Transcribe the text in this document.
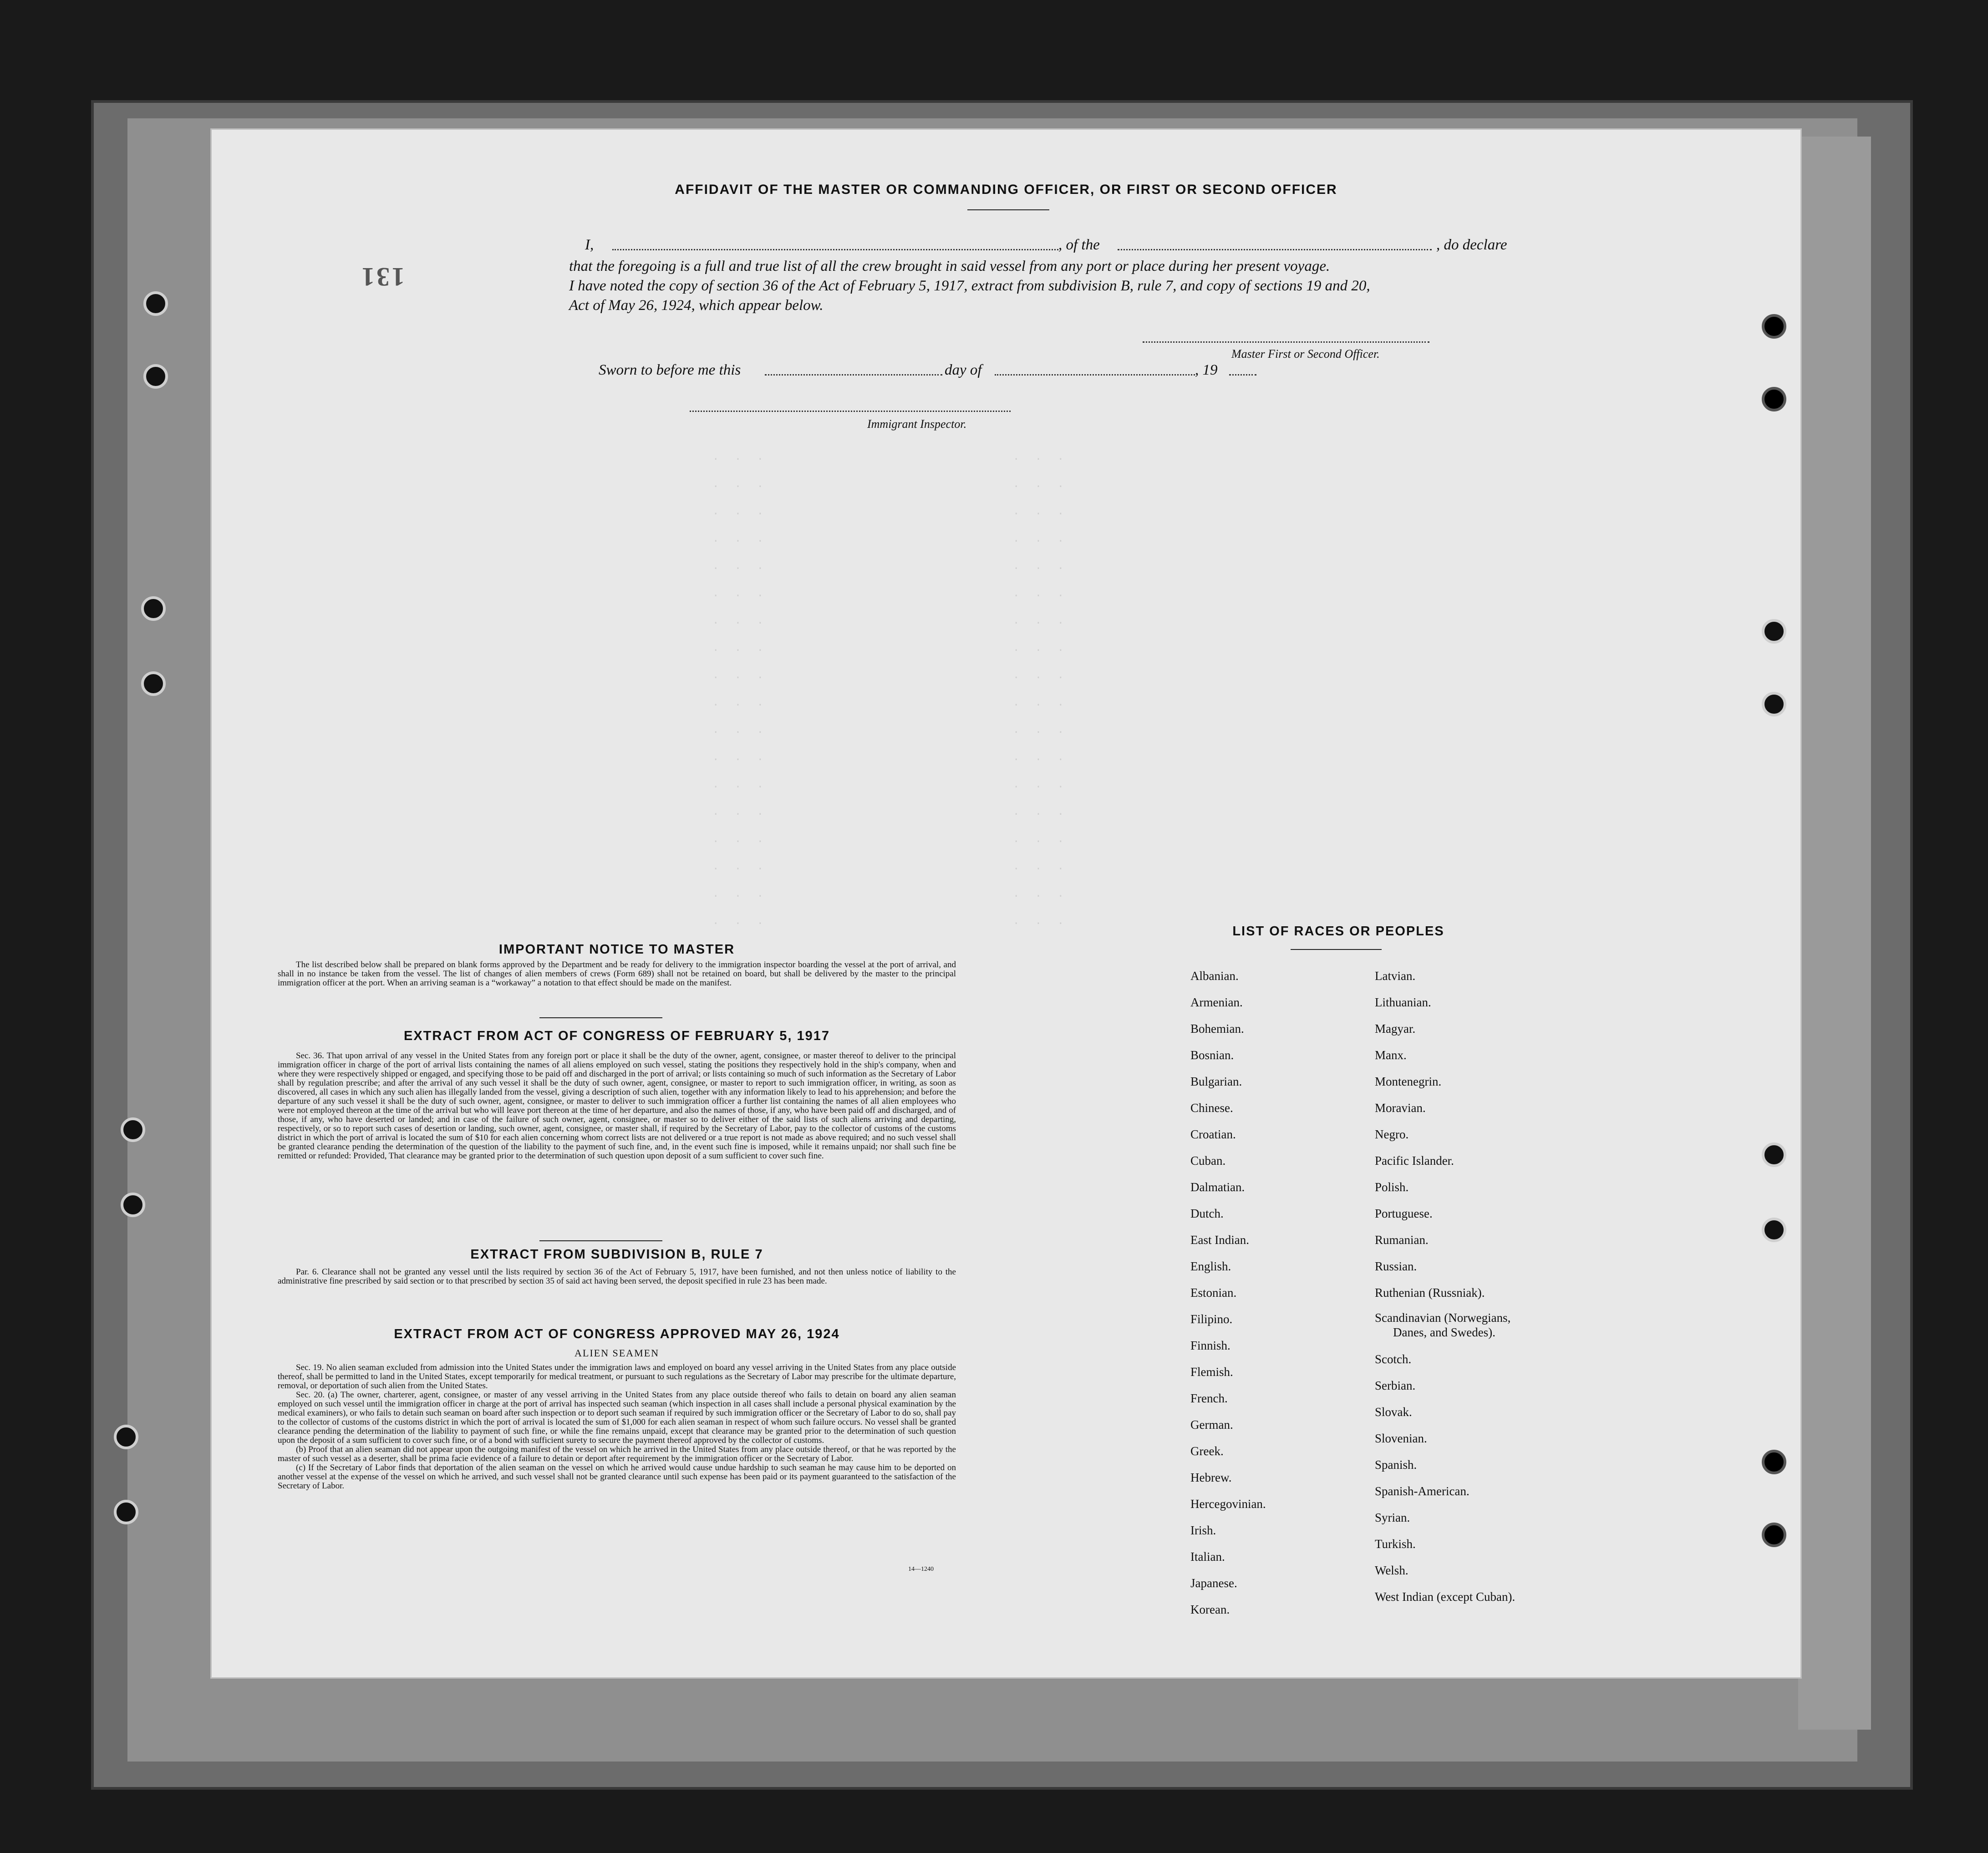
AFFIDAVIT OF THE MASTER OR COMMANDING OFFICER, OR FIRST OR SECOND OFFICER
131
I,	, of the	, do declare
that the foregoing is a full and true list of all the crew brought in said vessel from any port or place during her present voyage.
I have noted the copy of section 36 of the Act of February 5, 1917, extract from subdivision B, rule 7, and copy of sections 19 and 20,
Act of May 26, 1924, which appear below.
Master First or Second Officer.
Sworn to before me this	day of	, 19
Immigrant Inspector.
. . .
. . .
. . .
. . .
. . .
. . .
. . .
. . .
. . .
. . .
. . .
. . .
. . .
. . .
. . .
. . .
. . .
. . .
. . .
. . .
. . .
. . .
. . .
. . .
. . .
. . .
. . .
. . .
. . .
. . .
. . .
. . .
. . .
. . .
. . .
. . .
IMPORTANT NOTICE TO MASTER

The list described below shall be prepared on blank forms approved by the Department and be ready for delivery to the immigration inspector boarding the vessel at the port of arrival, and shall in no instance be taken from the vessel. The list of changes of alien members of crews (Form 689) shall not be retained on board, but shall be delivered by the master to the principal immigration officer at the port. When an arriving seaman is a “workaway” a notation to that effect should be made on the manifest.

EXTRACT FROM ACT OF CONGRESS OF FEBRUARY 5, 1917

Sec. 36. That upon arrival of any vessel in the United States from any foreign port or place it shall be the duty of the owner, agent, consignee, or master thereof to deliver to the principal immigration officer in charge of the port of arrival lists containing the names of all aliens employed on such vessel, stating the positions they respectively hold in the ship's company, when and where they were respectively shipped or engaged, and specifying those to be paid off and discharged in the port of arrival; or lists containing so much of such information as the Secretary of Labor shall by regulation prescribe; and after the arrival of any such vessel it shall be the duty of such owner, agent, consignee, or master to report to such immigration officer, in writing, as soon as discovered, all cases in which any such alien has illegally landed from the vessel, giving a description of such alien, together with any information likely to lead to his apprehension; and before the departure of any such vessel it shall be the duty of such owner, agent, consignee, or master to deliver to such immigration officer a further list containing the names of all alien employees who were not employed thereon at the time of the arrival but who will leave port thereon at the time of her departure, and also the names of those, if any, who have been paid off and discharged, and of those, if any, who have deserted or landed; and in case of the failure of such owner, agent, consignee, or master so to deliver either of the said lists of such aliens arriving and departing, respectively, or so to report such cases of desertion or landing, such owner, agent, consignee, or master shall, if required by the Secretary of Labor, pay to the collector of customs of the customs district in which the port of arrival is located the sum of $10 for each alien concerning whom correct lists are not delivered or a true report is not made as above required; and no such vessel shall be granted clearance pending the determination of the question of the liability to the payment of such fine, and, in the event such fine is imposed, while it remains unpaid; nor shall such fine be remitted or refunded: Provided, That clearance may be granted prior to the determination of such question upon deposit of a sum sufficient to cover such fine.

EXTRACT FROM SUBDIVISION B, RULE 7

Par. 6. Clearance shall not be granted any vessel until the lists required by section 36 of the Act of February 5, 1917, have been furnished, and not then unless notice of liability to the administrative fine prescribed by said section or to that prescribed by section 35 of said act having been served, the deposit specified in rule 23 has been made.

EXTRACT FROM ACT OF CONGRESS APPROVED MAY 26, 1924
ALIEN SEAMEN

Sec. 19. No alien seaman excluded from admission into the United States under the immigration laws and employed on board any vessel arriving in the United States from any place outside thereof, shall be permitted to land in the United States, except temporarily for medical treatment, or pursuant to such regulations as the Secretary of Labor may prescribe for the ultimate departure, removal, or deportation of such alien from the United States.

Sec. 20. (a) The owner, charterer, agent, consignee, or master of any vessel arriving in the United States from any place outside thereof who fails to detain on board any alien seaman employed on such vessel until the immigration officer in charge at the port of arrival has inspected such seaman (which inspection in all cases shall include a personal physical examination by the medical examiners), or who fails to detain such seaman on board after such inspection or to deport such seaman if required by such immigration officer or the Secretary of Labor to do so, shall pay to the collector of customs of the customs district in which the port of arrival is located the sum of $1,000 for each alien seaman in respect of whom such failure occurs. No vessel shall be granted clearance pending the determination of the liability to payment of such fine, or while the fine remains unpaid, except that clearance may be granted prior to the determination of such question upon the deposit of a sum sufficient to cover such fine, or of a bond with sufficient surety to secure the payment thereof approved by the collector of customs.

(b) Proof that an alien seaman did not appear upon the outgoing manifest of the vessel on which he arrived in the United States from any place outside thereof, or that he was reported by the master of such vessel as a deserter, shall be prima facie evidence of a failure to detain or deport after requirement by the immigration officer or the Secretary of Labor.

(c) If the Secretary of Labor finds that deportation of the alien seaman on the vessel on which he arrived would cause undue hardship to such seaman he may cause him to be deported on another vessel at the expense of the vessel on which he arrived, and such vessel shall not be granted clearance until such expense has been paid or its payment guaranteed to the satisfaction of the Secretary of Labor.

14—1240
LIST OF RACES OR PEOPLES
Albanian.
Armenian.
Bohemian.
Bosnian.
Bulgarian.
Chinese.
Croatian.
Cuban.
Dalmatian.
Dutch.
East Indian.
English.
Estonian.
Filipino.
Finnish.
Flemish.
French.
German.
Greek.
Hebrew.
Hercegovinian.
Irish.
Italian.
Japanese.
Korean.
Latvian.
Lithuanian.
Magyar.
Manx.
Montenegrin.
Moravian.
Negro.
Pacific Islander.
Polish.
Portuguese.
Rumanian.
Russian.
Ruthenian (Russniak).
Scandinavian (Norwegians,
Danes, and Swedes).
Scotch.
Serbian.
Slovak.
Slovenian.
Spanish.
Spanish-American.
Syrian.
Turkish.
Welsh.
West Indian (except Cuban).
